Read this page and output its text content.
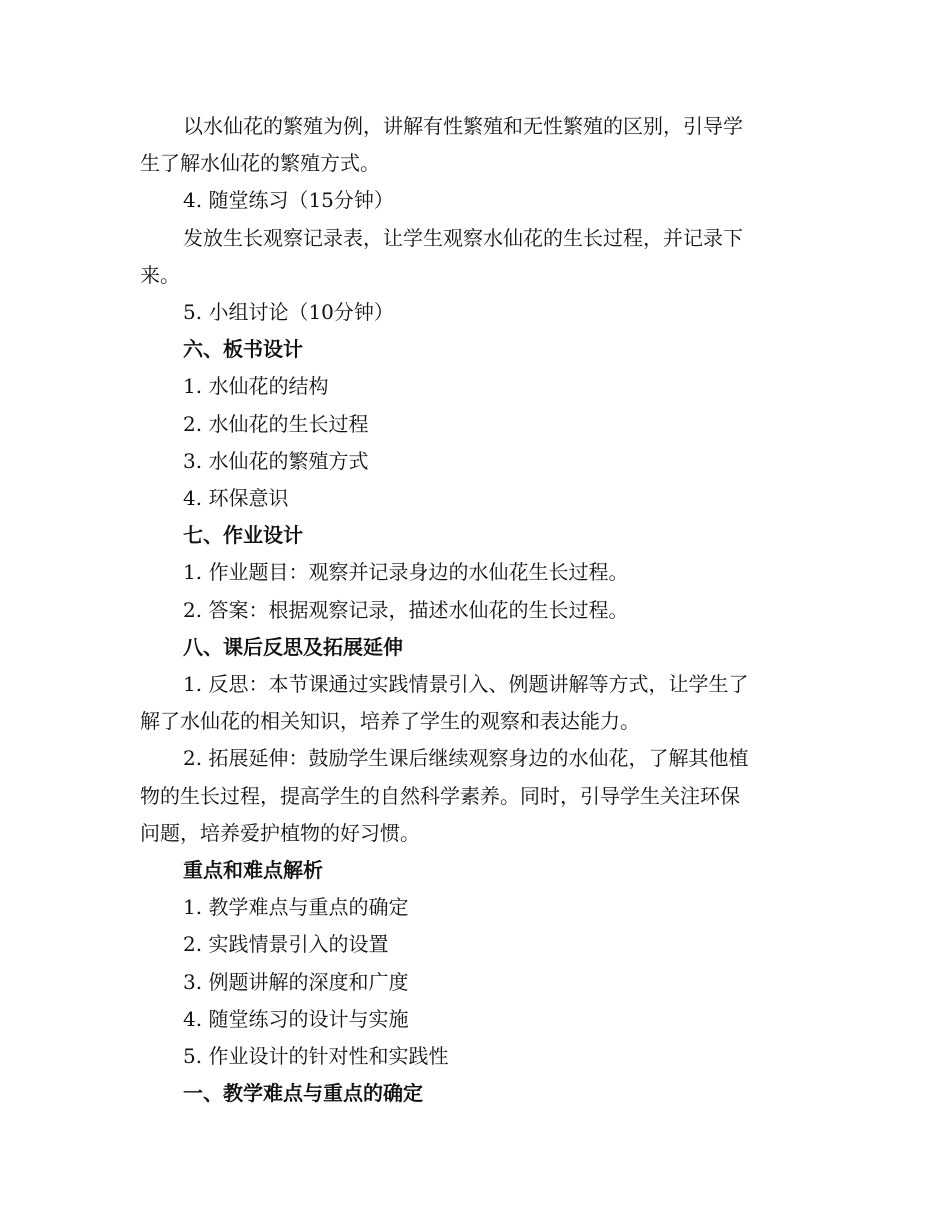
以水仙花的繁殖为例，讲解有性繁殖和无性繁殖的区别，引导学

生了解水仙花的繁殖方式。

4. 随堂练习（15分钟）

发放生长观察记录表，让学生观察水仙花的生长过程，并记录下

来。

5. 小组讨论（10分钟）

六、板书设计

1. 水仙花的结构

2. 水仙花的生长过程

3. 水仙花的繁殖方式

4. 环保意识

七、作业设计

1. 作业题目：观察并记录身边的水仙花生长过程。

2. 答案：根据观察记录，描述水仙花的生长过程。

八、课后反思及拓展延伸

1. 反思：本节课通过实践情景引入、例题讲解等方式，让学生了

解了水仙花的相关知识，培养了学生的观察和表达能力。

2. 拓展延伸：鼓励学生课后继续观察身边的水仙花，了解其他植

物的生长过程，提高学生的自然科学素养。同时，引导学生关注环保

问题，培养爱护植物的好习惯。

重点和难点解析

1. 教学难点与重点的确定

2. 实践情景引入的设置

3. 例题讲解的深度和广度

4. 随堂练习的设计与实施

5. 作业设计的针对性和实践性

一、教学难点与重点的确定
